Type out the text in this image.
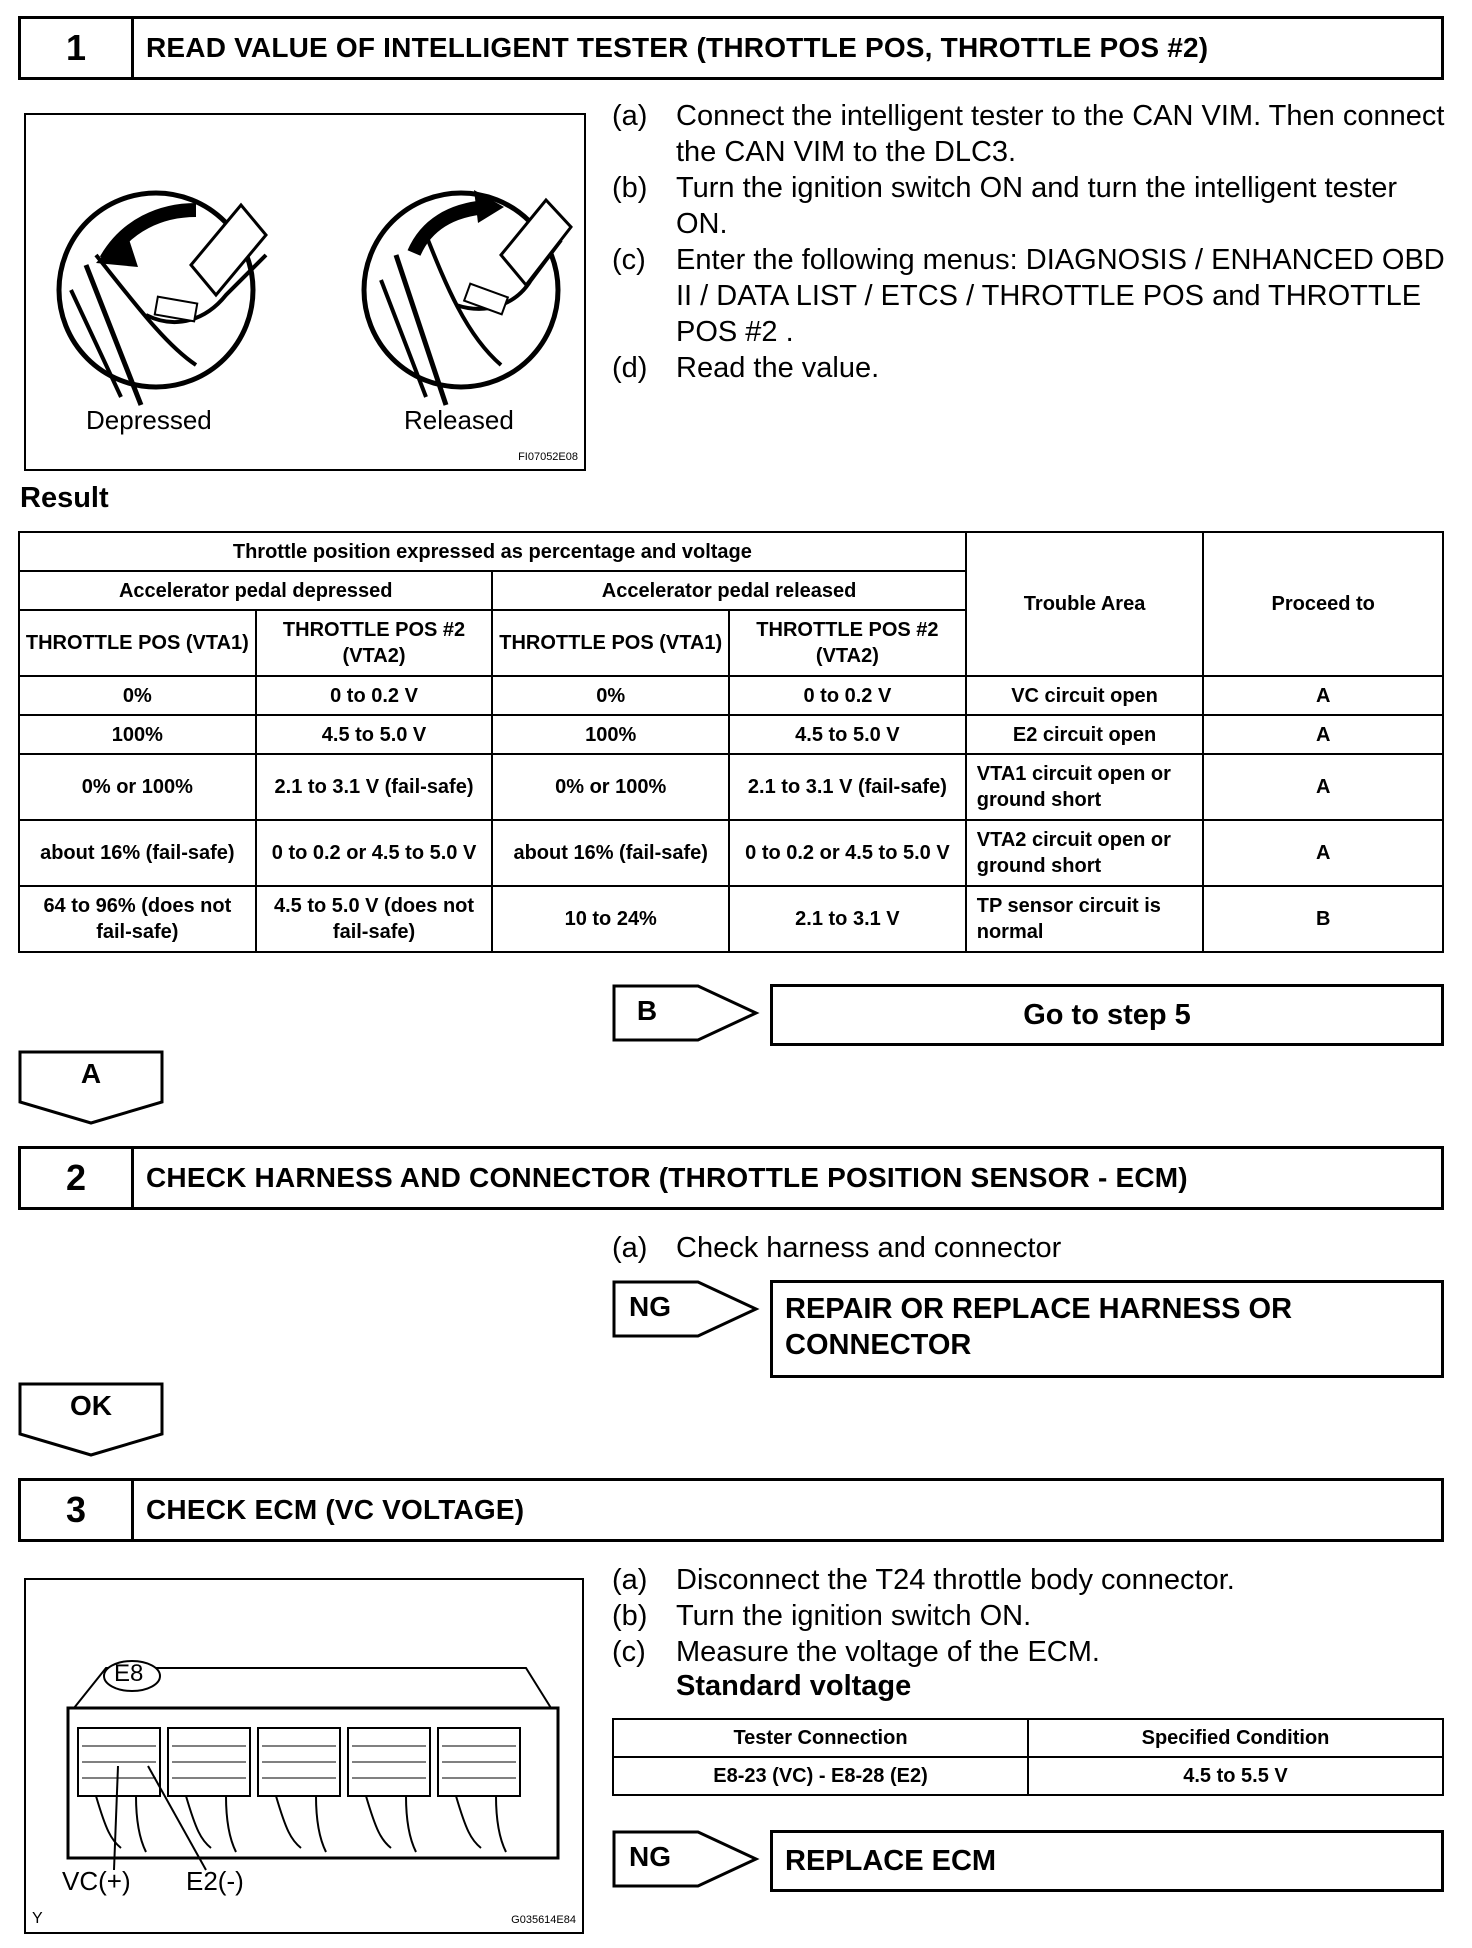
1	READ VALUE OF INTELLIGENT TESTER (THROTTLE POS, THROTTLE POS #2)
Depressed	Released
FI07052E08
(a) Connect the intelligent tester to the CAN VIM. Then connect the CAN VIM to the DLC3.
(b) Turn the ignition switch ON and turn the intelligent tester ON.
(c)	Enter the following menus: DIAGNOSIS / ENHANCED OBD II / DATA LIST / ETCS / THROTTLE POS and THROTTLE POS #2 .
(d) Read the value.
Result
Throttle position expressed as percentage and voltage				Trouble Area	Proceed to
Accelerator pedal depressed		Accelerator pedal released			
THROTTLE POS (VTA1)	THROTTLE POS #2 (VTA2)	THROTTLE POS (VTA1)	THROTTLE POS #2 (VTA2)		
0%	0 to 0.2 V	0%	0 to 0.2 V	VC circuit open	A
100%	4.5 to 5.0 V	100%	4.5 to 5.0 V	E2 circuit open	A
0% or 100%	2.1 to 3.1 V (fail-safe)	0% or 100%	2.1 to 3.1 V (fail-safe)	VTA1 circuit open or ground short	A
about 16% (fail-safe)	0 to 0.2 or 4.5 to 5.0 V	about 16% (fail-safe)	0 to 0.2 or 4.5 to 5.0 V	VTA2 circuit open or ground short	A
64 to 96% (does not fail-safe)	4.5 to 5.0 V (does not fail-safe)	10 to 24%	2.1 to 3.1 V	TP sensor circuit is normal	B
B	Go to step 5
A
2	CHECK HARNESS AND CONNECTOR (THROTTLE POSITION SENSOR - ECM)
(a) Check harness and connector
NG	REPAIR OR REPLACE HARNESS OR CONNECTOR
OK
3	CHECK ECM (VC VOLTAGE)
E8
VC(+) E2(-)
Y	G035614E84
(a) Disconnect the T24 throttle body connector.
(b) Turn the ignition switch ON.
(c)	Measure the voltage of the ECM.
Standard voltage
Tester Connection	Specified Condition
E8-23 (VC) - E8-28 (E2)	4.5 to 5.5 V
NG	REPLACE ECM
